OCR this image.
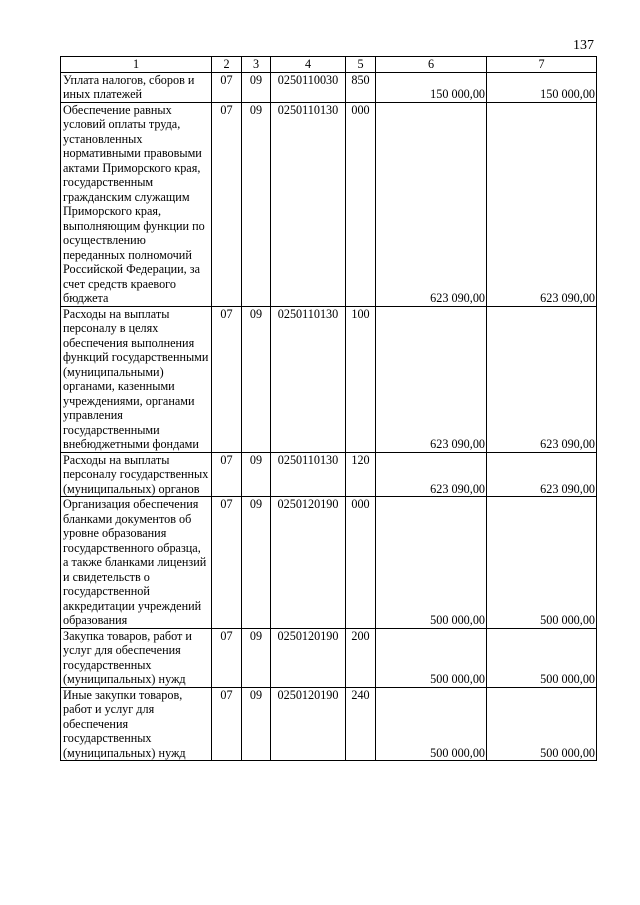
137
1	2	3	4	5	6	7
Уплата налогов, сборов и иных платежей	07	09	0250110030	850	150 000,00	150 000,00
Обеспечение равных условий оплаты труда, установленных нормативными правовыми актами Приморского края, государственным гражданским служащим Приморского края, выполняющим функции по осуществлению переданных полномочий Российской Федерации, за счет средств краевого бюджета	07	09	0250110130	000	623 090,00	623 090,00
Расходы на выплаты персоналу в целях обеспечения выполнения функций государственными (муниципальными) органами, казенными учреждениями, органами управления государственными внебюджетными фондами	07	09	0250110130	100	623 090,00	623 090,00
Расходы на выплаты персоналу государственных (муниципальных) органов	07	09	0250110130	120	623 090,00	623 090,00
Организация обеспечения бланками документов об уровне образования государственного образца, а также бланками лицензий и свидетельств о государственной аккредитации учреждений образования	07	09	0250120190	000	500 000,00	500 000,00
Закупка товаров, работ и услуг для обеспечения государственных (муниципальных) нужд	07	09	0250120190	200	500 000,00	500 000,00
Иные закупки товаров, работ и услуг для обеспечения государственных (муниципальных) нужд	07	09	0250120190	240	500 000,00	500 000,00
